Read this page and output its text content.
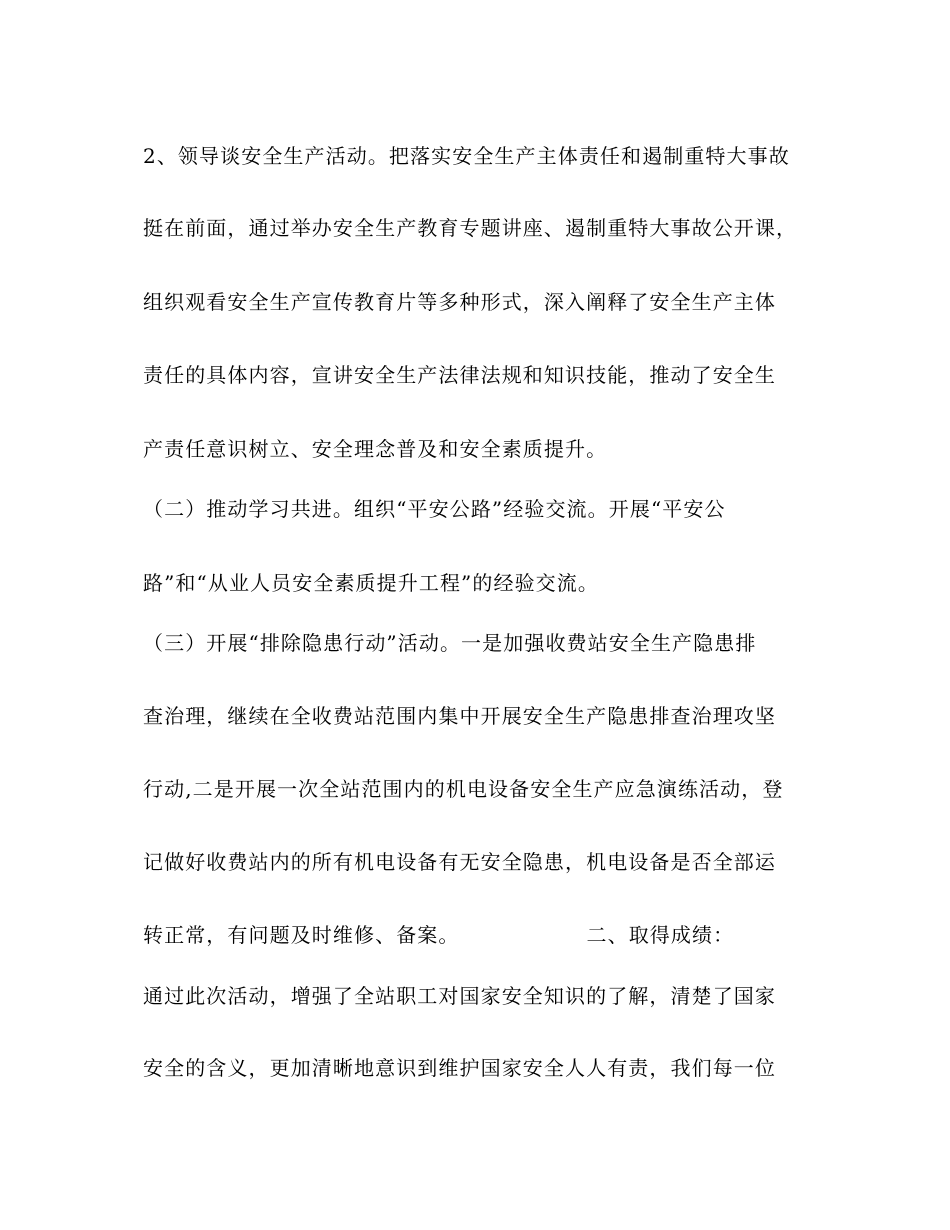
2、领导谈安全生产活动。把落实安全生产主体责任和遏制重特大事故
挺在前面，通过举办安全生产教育专题讲座、遏制重特大事故公开课，
组织观看安全生产宣传教育片等多种形式，深入阐释了安全生产主体
责任的具体内容，宣讲安全生产法律法规和知识技能，推动了安全生
产责任意识树立、安全理念普及和安全素质提升。
（二）推动学习共进。组织“平安公路”经验交流。开展“平安公
路”和“从业人员安全素质提升工程”的经验交流。
（三）开展“排除隐患行动”活动。一是加强收费站安全生产隐患排
查治理，继续在全收费站范围内集中开展安全生产隐患排查治理攻坚
行动,二是开展一次全站范围内的机电设备安全生产应急演练活动，登
记做好收费站内的所有机电设备有无安全隐患，机电设备是否全部运
转正常，有问题及时维修、备案。	二、取得成绩：
通过此次活动，增强了全站职工对国家安全知识的了解，清楚了国家
安全的含义，更加清晰地意识到维护国家安全人人有责，我们每一位
